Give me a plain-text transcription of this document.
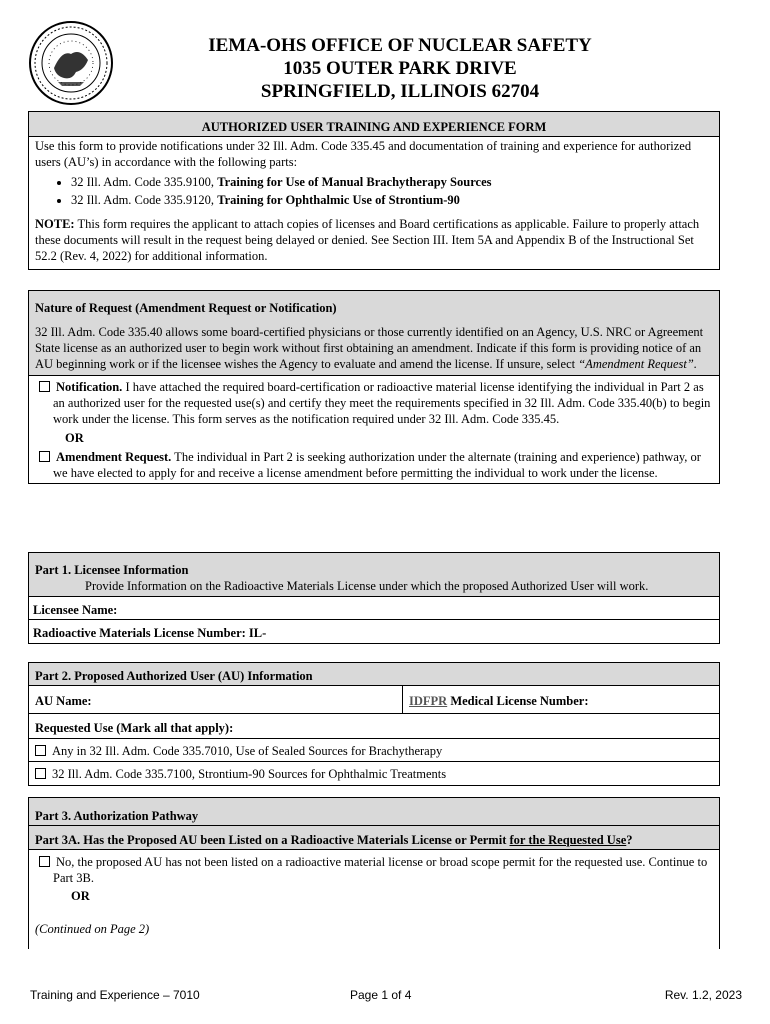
IEMA-OHS OFFICE OF NUCLEAR SAFETY
1035 OUTER PARK DRIVE
SPRINGFIELD, ILLINOIS 62704
AUTHORIZED USER TRAINING AND EXPERIENCE FORM
Use this form to provide notifications under 32 Ill. Adm. Code 335.45 and documentation of training and experience for authorized users (AU’s) in accordance with the following parts:
• 32 Ill. Adm. Code 335.9100, Training for Use of Manual Brachytherapy Sources
• 32 Ill. Adm. Code 335.9120, Training for Ophthalmic Use of Strontium-90
NOTE: This form requires the applicant to attach copies of licenses and Board certifications as applicable. Failure to properly attach these documents will result in the request being delayed or denied. See Section III. Item 5A and Appendix B of the Instructional Set 52.2 (Rev. 4, 2022) for additional information.
Nature of Request (Amendment Request or Notification)
32 Ill. Adm. Code 335.40 allows some board-certified physicians or those currently identified on an Agency, U.S. NRC or Agreement State license as an authorized user to begin work without first obtaining an amendment. Indicate if this form is providing notice of an AU beginning work or if the licensee wishes the Agency to evaluate and amend the license. If unsure, select “Amendment Request”.
Notification. I have attached the required board-certification or radioactive material license identifying the individual in Part 2 as an authorized user for the requested use(s) and certify they meet the requirements specified in 32 Ill. Adm. Code 335.40(b) to begin work under the license. This form serves as the notification required under 32 Ill. Adm. Code 335.45.
OR
Amendment Request. The individual in Part 2 is seeking authorization under the alternate (training and experience) pathway, or we have elected to apply for and receive a license amendment before permitting the individual to work under the license.
Part 1. Licensee Information
Provide Information on the Radioactive Materials License under which the proposed Authorized User will work.
Licensee Name:
Radioactive Materials License Number: IL-
Part 2. Proposed Authorized User (AU) Information
AU Name:	IDFPR Medical License Number:
Requested Use (Mark all that apply):
Any in 32 Ill. Adm. Code 335.7010, Use of Sealed Sources for Brachytherapy
32 Ill. Adm. Code 335.7100, Strontium-90 Sources for Ophthalmic Treatments
Part 3. Authorization Pathway
Part 3A. Has the Proposed AU been Listed on a Radioactive Materials License or Permit for the Requested Use?
No, the proposed AU has not been listed on a radioactive material license or broad scope permit for the requested use. Continue to Part 3B.
OR
(Continued on Page 2)
Training and Experience – 7010	Page 1 of 4	Rev. 1.2, 2023
